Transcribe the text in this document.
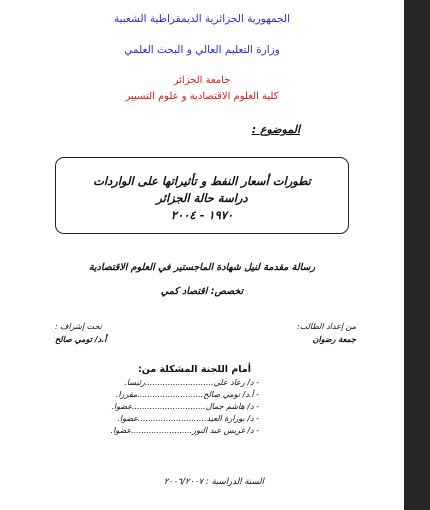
الجمهورية الجزائرية الديمقراطية الشعبية
وزارة التعليم العالي و البحث العلمي
جامعة الجزائر
كلية العلوم الاقتصادية و علوم التسيير
الموضوع :
تطورات أسعار النفط و تأثيراتها على الواردات
دراسة حالة الجزائر
١٩٧٠ - ٢٠٠٤
رسالة مقدمة لنيل شهادة الماجستير في العلوم الاقتصادية
تخصص: اقتصاد كمي
من إعداد الطالب:
جمعة رضوان
تحت إشراف :
أ.د/ تومي صالح
أمام اللجنة المشكلة من:
- د/ رعاد علي...........................رئيسا.
- أ.د/ تومي صالح..........................مقررا.
- د/ هاشم جمال.............................عضوا.
- د/ بوزارة العيد...........................عضوا.
- د/ غريس عبد النور........................عضوا.
السنة الدراسية : ٢٠٠٦/٢٠٠٧
